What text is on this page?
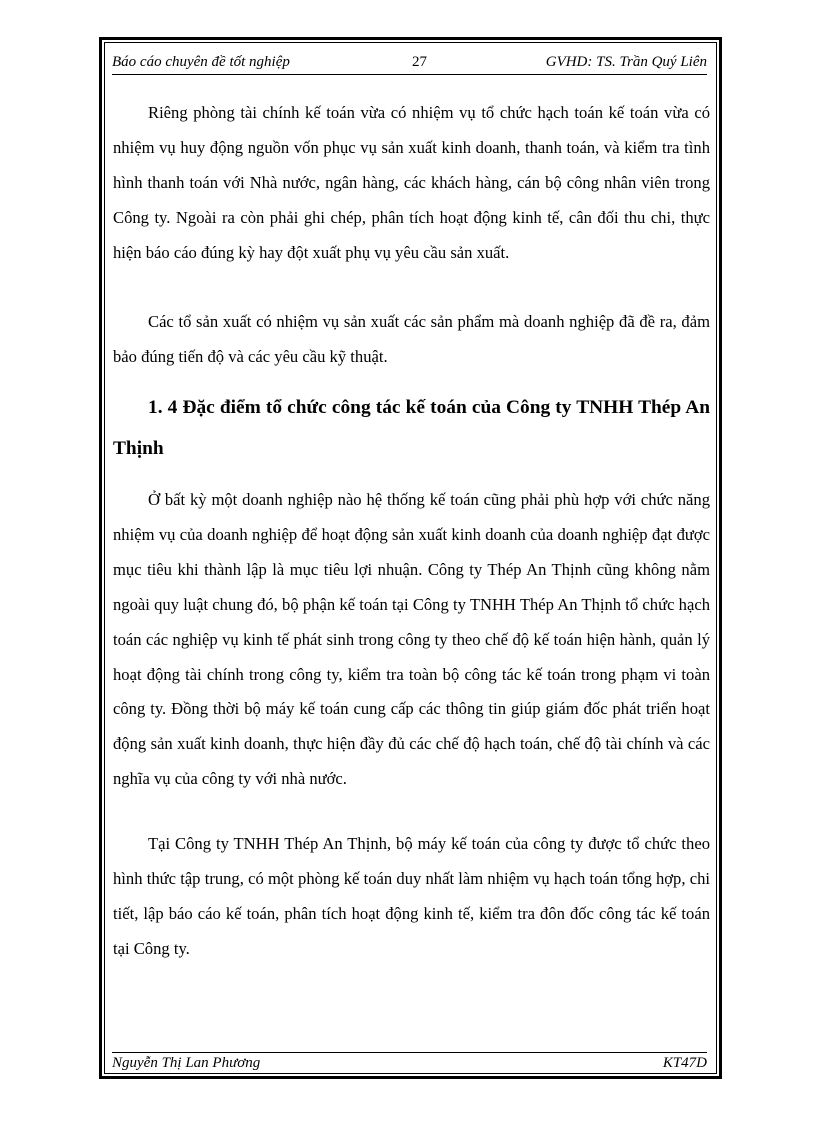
Báo cáo chuyên đề tốt nghiệp	27	GVHD: TS. Trần Quý Liên

Riêng phòng tài chính kế toán vừa có nhiệm vụ tổ chức hạch toán kế toán vừa có nhiệm vụ huy động nguồn vốn phục vụ sản xuất kinh doanh, thanh toán, và kiểm tra tình hình thanh toán với Nhà nước, ngân hàng, các khách hàng, cán bộ công nhân viên trong Công ty. Ngoài ra còn phải ghi chép, phân tích hoạt động kinh tế, cân đối thu chi, thực hiện báo cáo đúng kỳ hay đột xuất phụ vụ yêu cầu sản xuất.

Các tổ sản xuất có nhiệm vụ sản xuất các sản phẩm mà doanh nghiệp đã đề ra, đảm bảo đúng tiến độ và các yêu cầu kỹ thuật.

1. 4 Đặc điểm tổ chức công tác kế toán của Công ty TNHH Thép An Thịnh

Ở bất kỳ một doanh nghiệp nào hệ thống kế toán cũng phải phù hợp với chức năng nhiệm vụ của doanh nghiệp để hoạt động sản xuất kinh doanh của doanh nghiệp đạt được mục tiêu khi thành lập là mục tiêu lợi nhuận. Công ty Thép An Thịnh cũng không nằm ngoài quy luật chung đó, bộ phận kế toán tại Công ty TNHH Thép An Thịnh tổ chức hạch toán các nghiệp vụ kinh tế phát sinh trong công ty theo chế độ kế toán hiện hành, quản lý hoạt động tài chính trong công ty, kiểm tra toàn bộ công tác kế toán trong phạm vi toàn công ty. Đồng thời bộ máy kế toán cung cấp các thông tin giúp giám đốc phát triển hoạt động sản xuất kinh doanh, thực hiện đầy đủ các chế độ hạch toán, chế độ tài chính và các nghĩa vụ của công ty với nhà nước.

Tại Công ty TNHH Thép An Thịnh, bộ máy kế toán của công ty được tổ chức theo hình thức tập trung, có một phòng kế toán duy nhất làm nhiệm vụ hạch toán tổng hợp, chi tiết, lập báo cáo kế toán, phân tích hoạt động kinh tế, kiểm tra đôn đốc công tác kế toán tại Công ty.

Nguyễn Thị Lan Phương	KT47D
